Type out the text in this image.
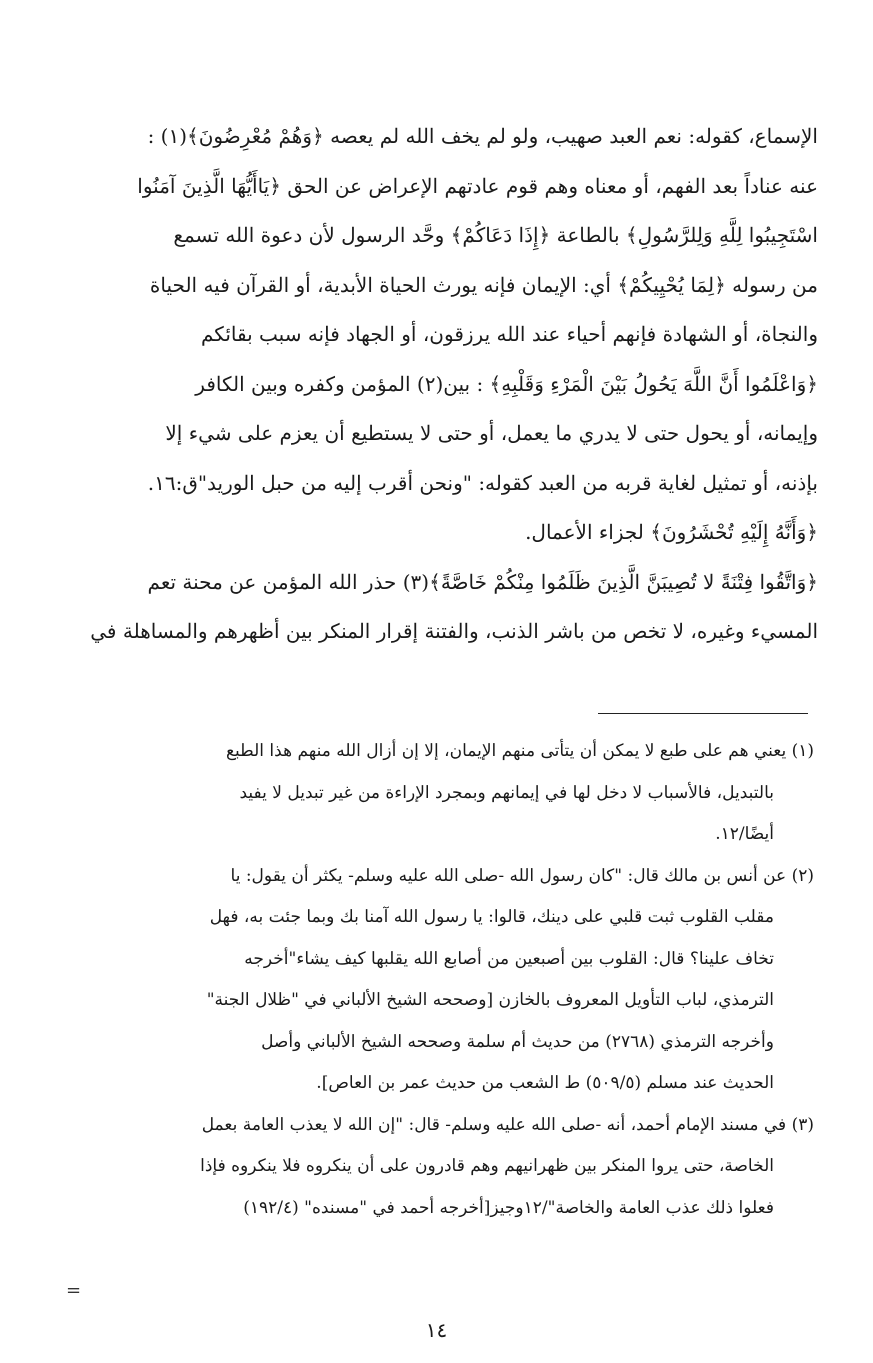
الإسماع، كقوله: نعم العبد صهيب، ولو لم يخف الله لم يعصه ﴿وَهُمْ مُعْرِضُونَ﴾(١) :

عنه عناداً بعد الفهم، أو معناه وهم قوم عادتهم الإعراض عن الحق ﴿يَاأَيُّهَا الَّذِينَ آمَنُوا

اسْتَجِيبُوا لِلَّهِ وَلِلرَّسُولِ﴾ بالطاعة ﴿إِذَا دَعَاكُمْ﴾ وحَّد الرسول لأن دعوة الله تسمع

من رسوله ﴿لِمَا يُحْيِيكُمْ﴾ أي: الإيمان فإنه يورث الحياة الأبدية، أو القرآن فيه الحياة

والنجاة، أو الشهادة فإنهم أحياء عند الله يرزقون، أو الجهاد فإنه سبب بقائكم

﴿وَاعْلَمُوا أَنَّ اللَّهَ يَحُولُ بَيْنَ الْمَرْءِ وَقَلْبِهِ﴾ : بين(٢) المؤمن وكفره وبين الكافر

وإيمانه، أو يحول حتى لا يدري ما يعمل، أو حتى لا يستطيع أن يعزم على شيء إلا

بإذنه، أو تمثيل لغاية قربه من العبد كقوله: "ونحن أقرب إليه من حبل الوريد"ق:١٦.

﴿وَأَنَّهُ إِلَيْهِ تُحْشَرُونَ﴾ لجزاء الأعمال.

﴿وَاتَّقُوا فِتْنَةً لا تُصِيبَنَّ الَّذِينَ ظَلَمُوا مِنْكُمْ خَاصَّةً﴾(٣) حذر الله المؤمن عن محنة تعم

المسيء وغيره، لا تخص من باشر الذنب، والفتنة إقرار المنكر بين أظهرهم والمساهلة في

(١) يعني هم على طبع لا يمكن أن يتأتى منهم الإيمان، إلا إن أزال الله منهم هذا الطبع

بالتبديل، فالأسباب لا دخل لها في إيمانهم وبمجرد الإراءة من غير تبديل لا يفيد

أيضًا/١٢.

(٢) عن أنس بن مالك قال: "كان رسول الله -صلى الله عليه وسلم- يكثر أن يقول: يا

مقلب القلوب ثبت قلبي على دينك، قالوا: يا رسول الله آمنا بك وبما جئت به، فهل

تخاف علينا؟ قال: القلوب بين أصبعين من أصابع الله يقلبها كيف يشاء"أخرجه

الترمذي، لباب التأويل المعروف بالخازن [وصححه الشيخ الألباني في "ظلال الجنة"

وأخرجه الترمذي (٢٧٦٨) من حديث أم سلمة وصححه الشيخ الألباني وأصل

الحديث عند مسلم (٥٠٩/٥) ط الشعب من حديث عمر بن العاص].

(٣) في مسند الإمام أحمد، أنه -صلى الله عليه وسلم- قال: "إن الله لا يعذب العامة بعمل

الخاصة، حتى يروا المنكر بين ظهرانيهم وهم قادرون على أن ينكروه فلا ينكروه فإذا

فعلوا ذلك عذب العامة والخاصة"/١٢وجيز[أخرجه أحمد في "مسنده" (١٩٢/٤)

=
١٤
